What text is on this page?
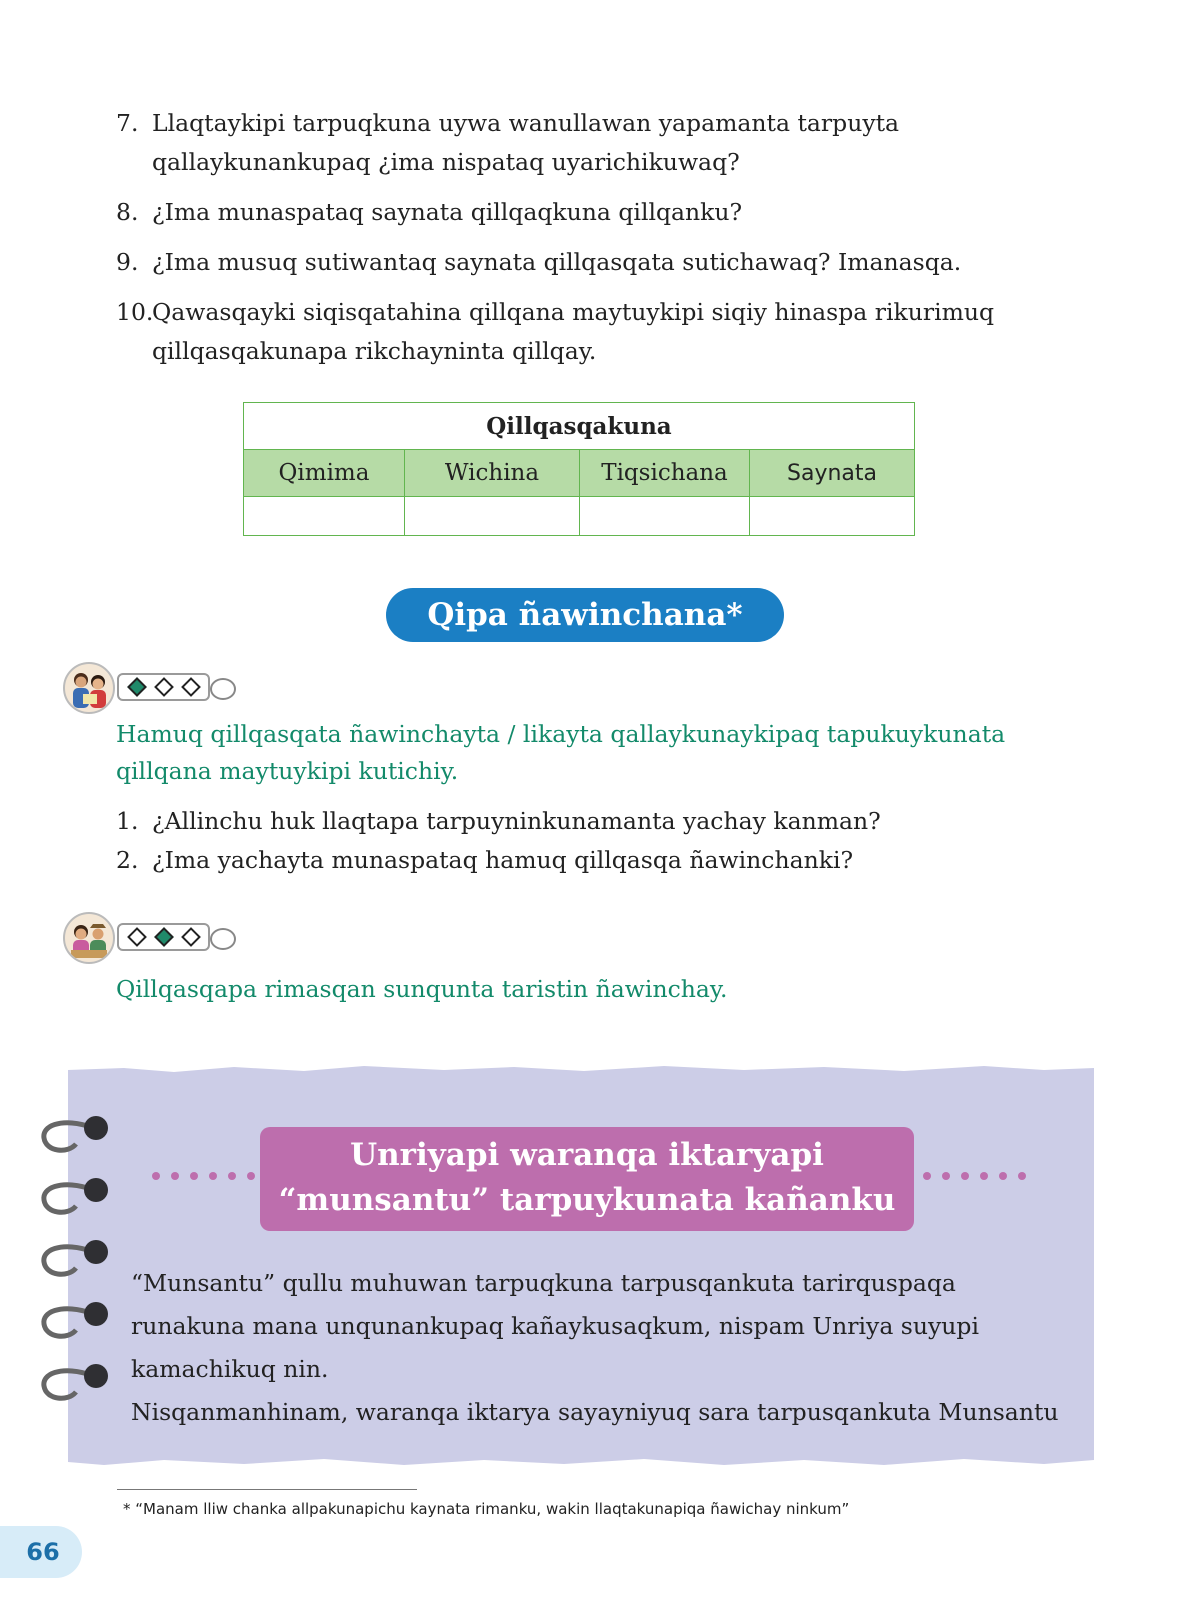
7. Llaqtaykipi tarpuqkuna uywa wanullawan yapamanta tarpuyta qallaykunankupaq ¿ima nispataq uyarichikuwaq?
8. ¿Ima munaspataq saynata qillqaqkuna qillqanku?
9. ¿Ima musuq sutiwantaq saynata qillqasqata sutichawaq? Imanasqa.
10.
Qawasqayki siqisqatahina qillqana maytuykipi siqiy hinaspa rikurimuq qillqasqakunapa rikchayninta qillqay.
Qillqasqakuna			
Qimima	Wichina	Tiqsichana	Saynata

Qipa ñawinchana*
Hamuq qillqasqata ñawinchayta / likayta qallaykunaykipaq tapukuykunata qillqana maytuykipi kutichiy.
1. ¿Allinchu huk llaqtapa tarpuyninkunamanta yachay kanman?
2. ¿Ima yachayta munaspataq hamuq qillqasqa ñawinchanki?
Qillqasqapa rimasqan sunqunta taristin ñawinchay.
Unriyapi waranqa iktaryapi
“munsantu” tarpuykunata kañanku

“Munsantu” qullu muhuwan tarpuqkuna tarpusqankuta tarirquspaqa runakuna mana unqunankupaq kañaykusaqkum, nispam Unriya suyupi kamachikuq nin.

Nisqanmanhinam, waranqa iktarya sayayniyuq sara tarpusqankuta Munsantu

* “Manam lliw chanka allpakunapichu kaynata rimanku, wakin llaqtakunapiqa ñawichay ninkum”
66
